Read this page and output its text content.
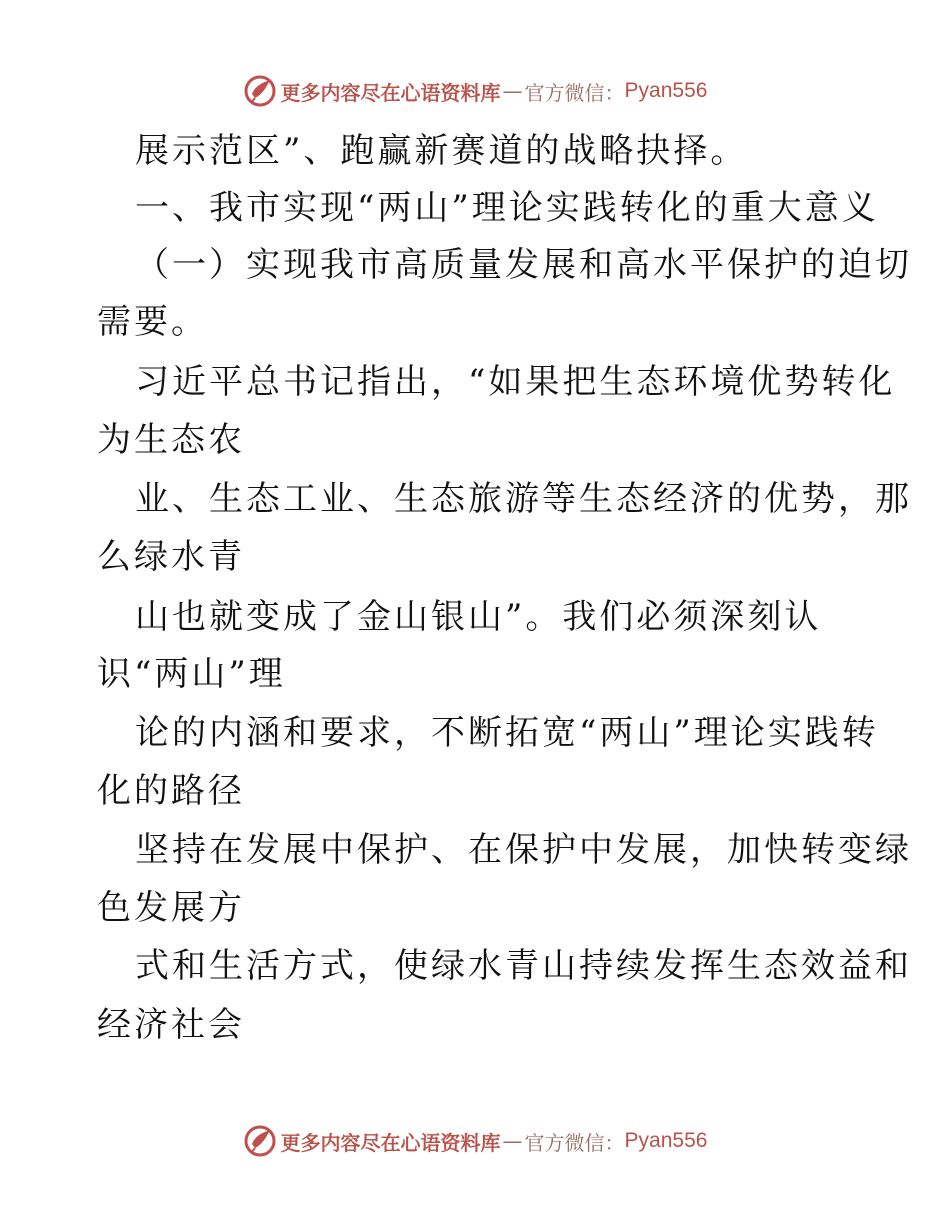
更多内容尽在心语资料库 — 官方微信： Pyan556
展示范区”、跑赢新赛道的战略抉择。
一、我市实现“两山”理论实践转化的重大意义
（一）实现我市高质量发展和高水平保护的迫切
需要。
习近平总书记指出，“如果把生态环境优势转化
为生态农
业、生态工业、生态旅游等生态经济的优势，那
么绿水青
山也就变成了金山银山”。我们必须深刻认
识“两山”理
论的内涵和要求，不断拓宽“两山”理论实践转
化的路径
坚持在发展中保护、在保护中发展，加快转变绿
色发展方
式和生活方式，使绿水青山持续发挥生态效益和
经济社会
更多内容尽在心语资料库 — 官方微信： Pyan556
